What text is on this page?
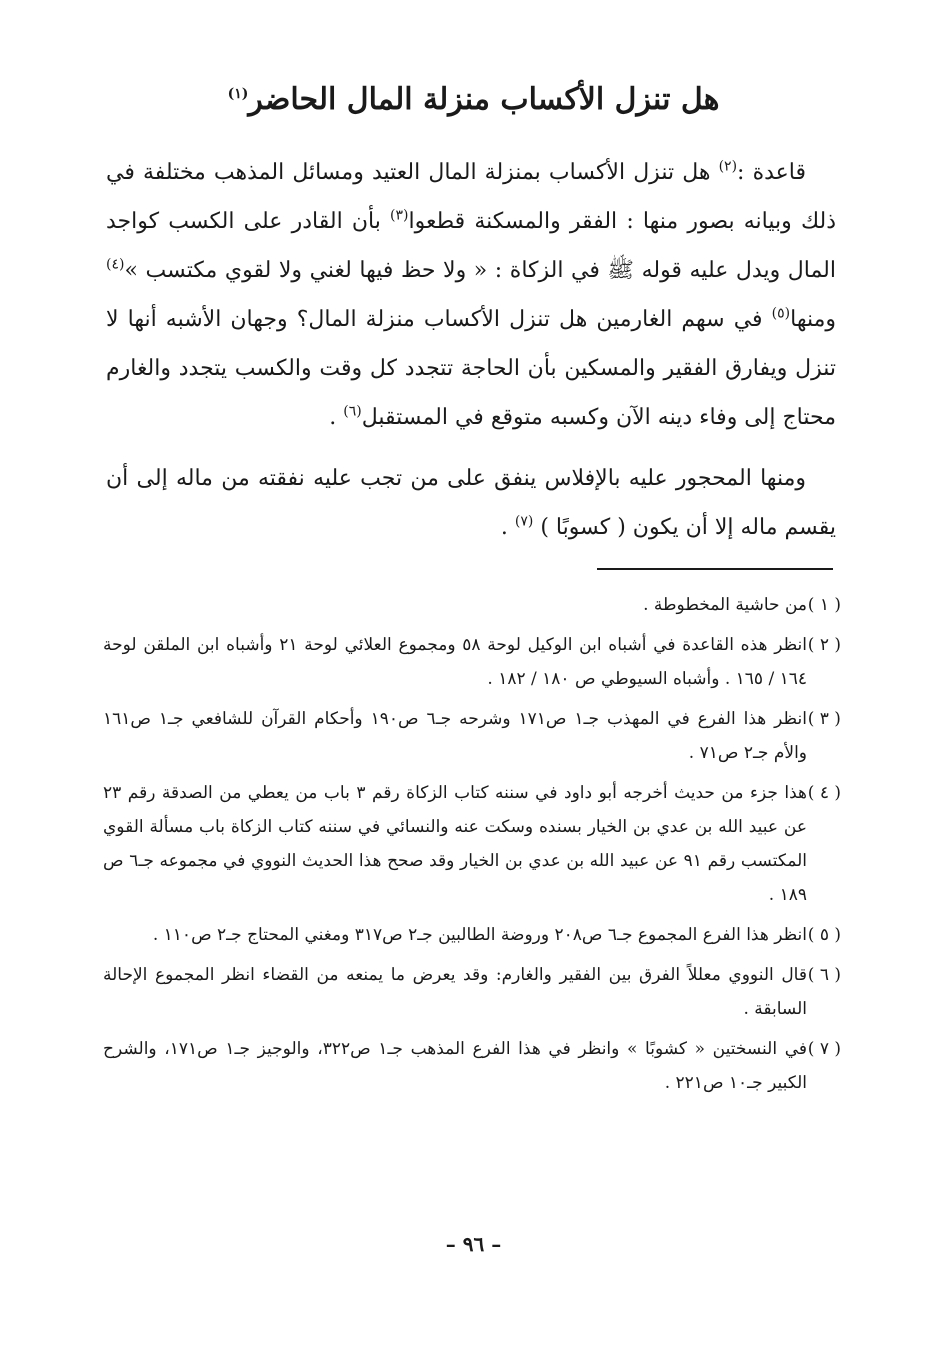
هل تنزل الأكساب منزلة المال الحاضر$^{(١)}$

قاعدة :$^{(٢)}$ هل تنزل الأكساب بمنزلة المال العتيد ومسائل المذهب مختلفة في ذلك وبيانه بصور منها : الفقر والمسكنة قطعوا$^{(٣)}$ بأن القادر على الكسب كواجد المال ويدل عليه قوله ﷺ في الزكاة : « ولا حظ فيها لغني ولا لقوي مكتسب »$^{(٤)}$ ومنها$^{(٥)}$ في سهم الغارمين هل تنزل الأكساب منزلة المال؟ وجهان الأشبه أنها لا تنزل ويفارق الفقير والمسكين بأن الحاجة تتجدد كل وقت والكسب يتجدد والغارم محتاج إلى وفاء دينه الآن وكسبه متوقع في المستقبل$^{(٦)}$ .

ومنها المحجور عليه بالإفلاس ينفق على من تجب عليه نفقته من ماله إلى أن يقسم ماله إلا أن يكون ( كسوبًا ) $^{(٧)}$ .

( ١ )من حاشية المخطوطة .

( ٢ )انظر هذه القاعدة في أشباه ابن الوكيل لوحة ٥٨ ومجموع العلائي لوحة ٢١ وأشباه ابن الملقن لوحة ١٦٤ / ١٦٥ . وأشباه السيوطي ص ١٨٠ / ١٨٢ .

( ٣ )انظر هذا الفرع في المهذب جـ١ ص١٧١ وشرحه جـ٦ ص١٩٠ وأحكام القرآن للشافعي جـ١ ص١٦١ والأم جـ٢ ص٧١ .

( ٤ )هذا جزء من حديث أخرجه أبو داود في سننه كتاب الزكاة رقم ٣ باب من يعطي من الصدقة رقم ٢٣ عن عبيد الله بن عدي بن الخيار بسنده وسكت عنه والنسائي في سننه كتاب الزكاة باب مسألة القوي المكتسب رقم ٩١ عن عبيد الله بن عدي بن الخيار وقد صحح هذا الحديث النووي في مجموعه جـ٦ ص ١٨٩ .

( ٥ )انظر هذا الفرع المجموع جـ٦ ص٢٠٨ وروضة الطالبين جـ٢ ص٣١٧ ومغني المحتاج جـ٢ ص١١٠ .

( ٦ )قال النووي معللاً الفرق بين الفقير والغارم: وقد يعرض ما يمنعه من القضاء انظر المجموع الإحالة السابقة .

( ٧ )في النسختين « كشوبًا » وانظر في هذا الفرع المذهب جـ١ ص٣٢٢، والوجيز جـ١ ص١٧١، والشرح الكبير جـ١٠ ص٢٢١ .

– ٩٦ –
